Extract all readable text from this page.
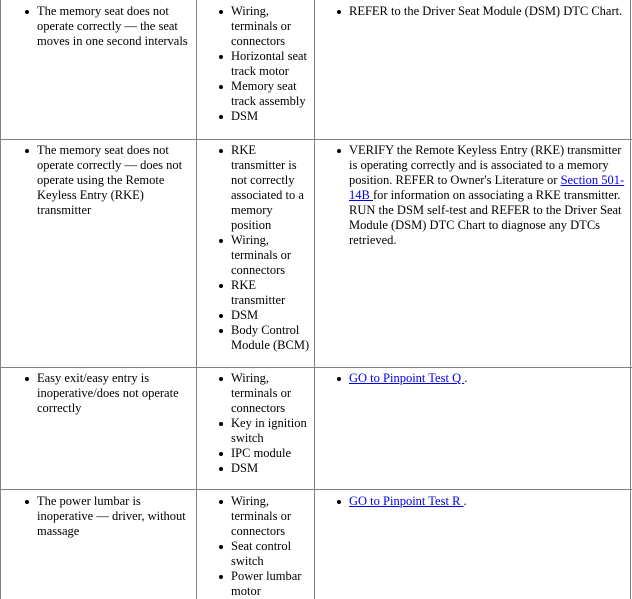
The memory seat does not operate correctly — the seat moves in one second intervals
Wiring, terminals or connectors
Horizontal seat track motor
Memory seat track assembly
DSM
REFER to the Driver Seat Module (DSM) DTC Chart.
The memory seat does not operate correctly — does not operate using the Remote Keyless Entry (RKE) transmitter
RKE transmitter is not correctly associated to a memory position
Wiring, terminals or connectors
RKE transmitter
DSM
Body Control Module (BCM)
VERIFY the Remote Keyless Entry (RKE) transmitter is operating correctly and is associated to a memory position. REFER to Owner's Literature or Section 501-14B for information on associating a RKE transmitter. RUN the DSM self-test and REFER to the Driver Seat Module (DSM) DTC Chart to diagnose any DTCs retrieved.
Easy exit/easy entry is inoperative/does not operate correctly
Wiring, terminals or connectors
Key in ignition switch
IPC module
DSM
GO to Pinpoint Test Q .
The power lumbar is inoperative — driver, without massage
Wiring, terminals or connectors
Seat control switch
Power lumbar motor
GO to Pinpoint Test R .
